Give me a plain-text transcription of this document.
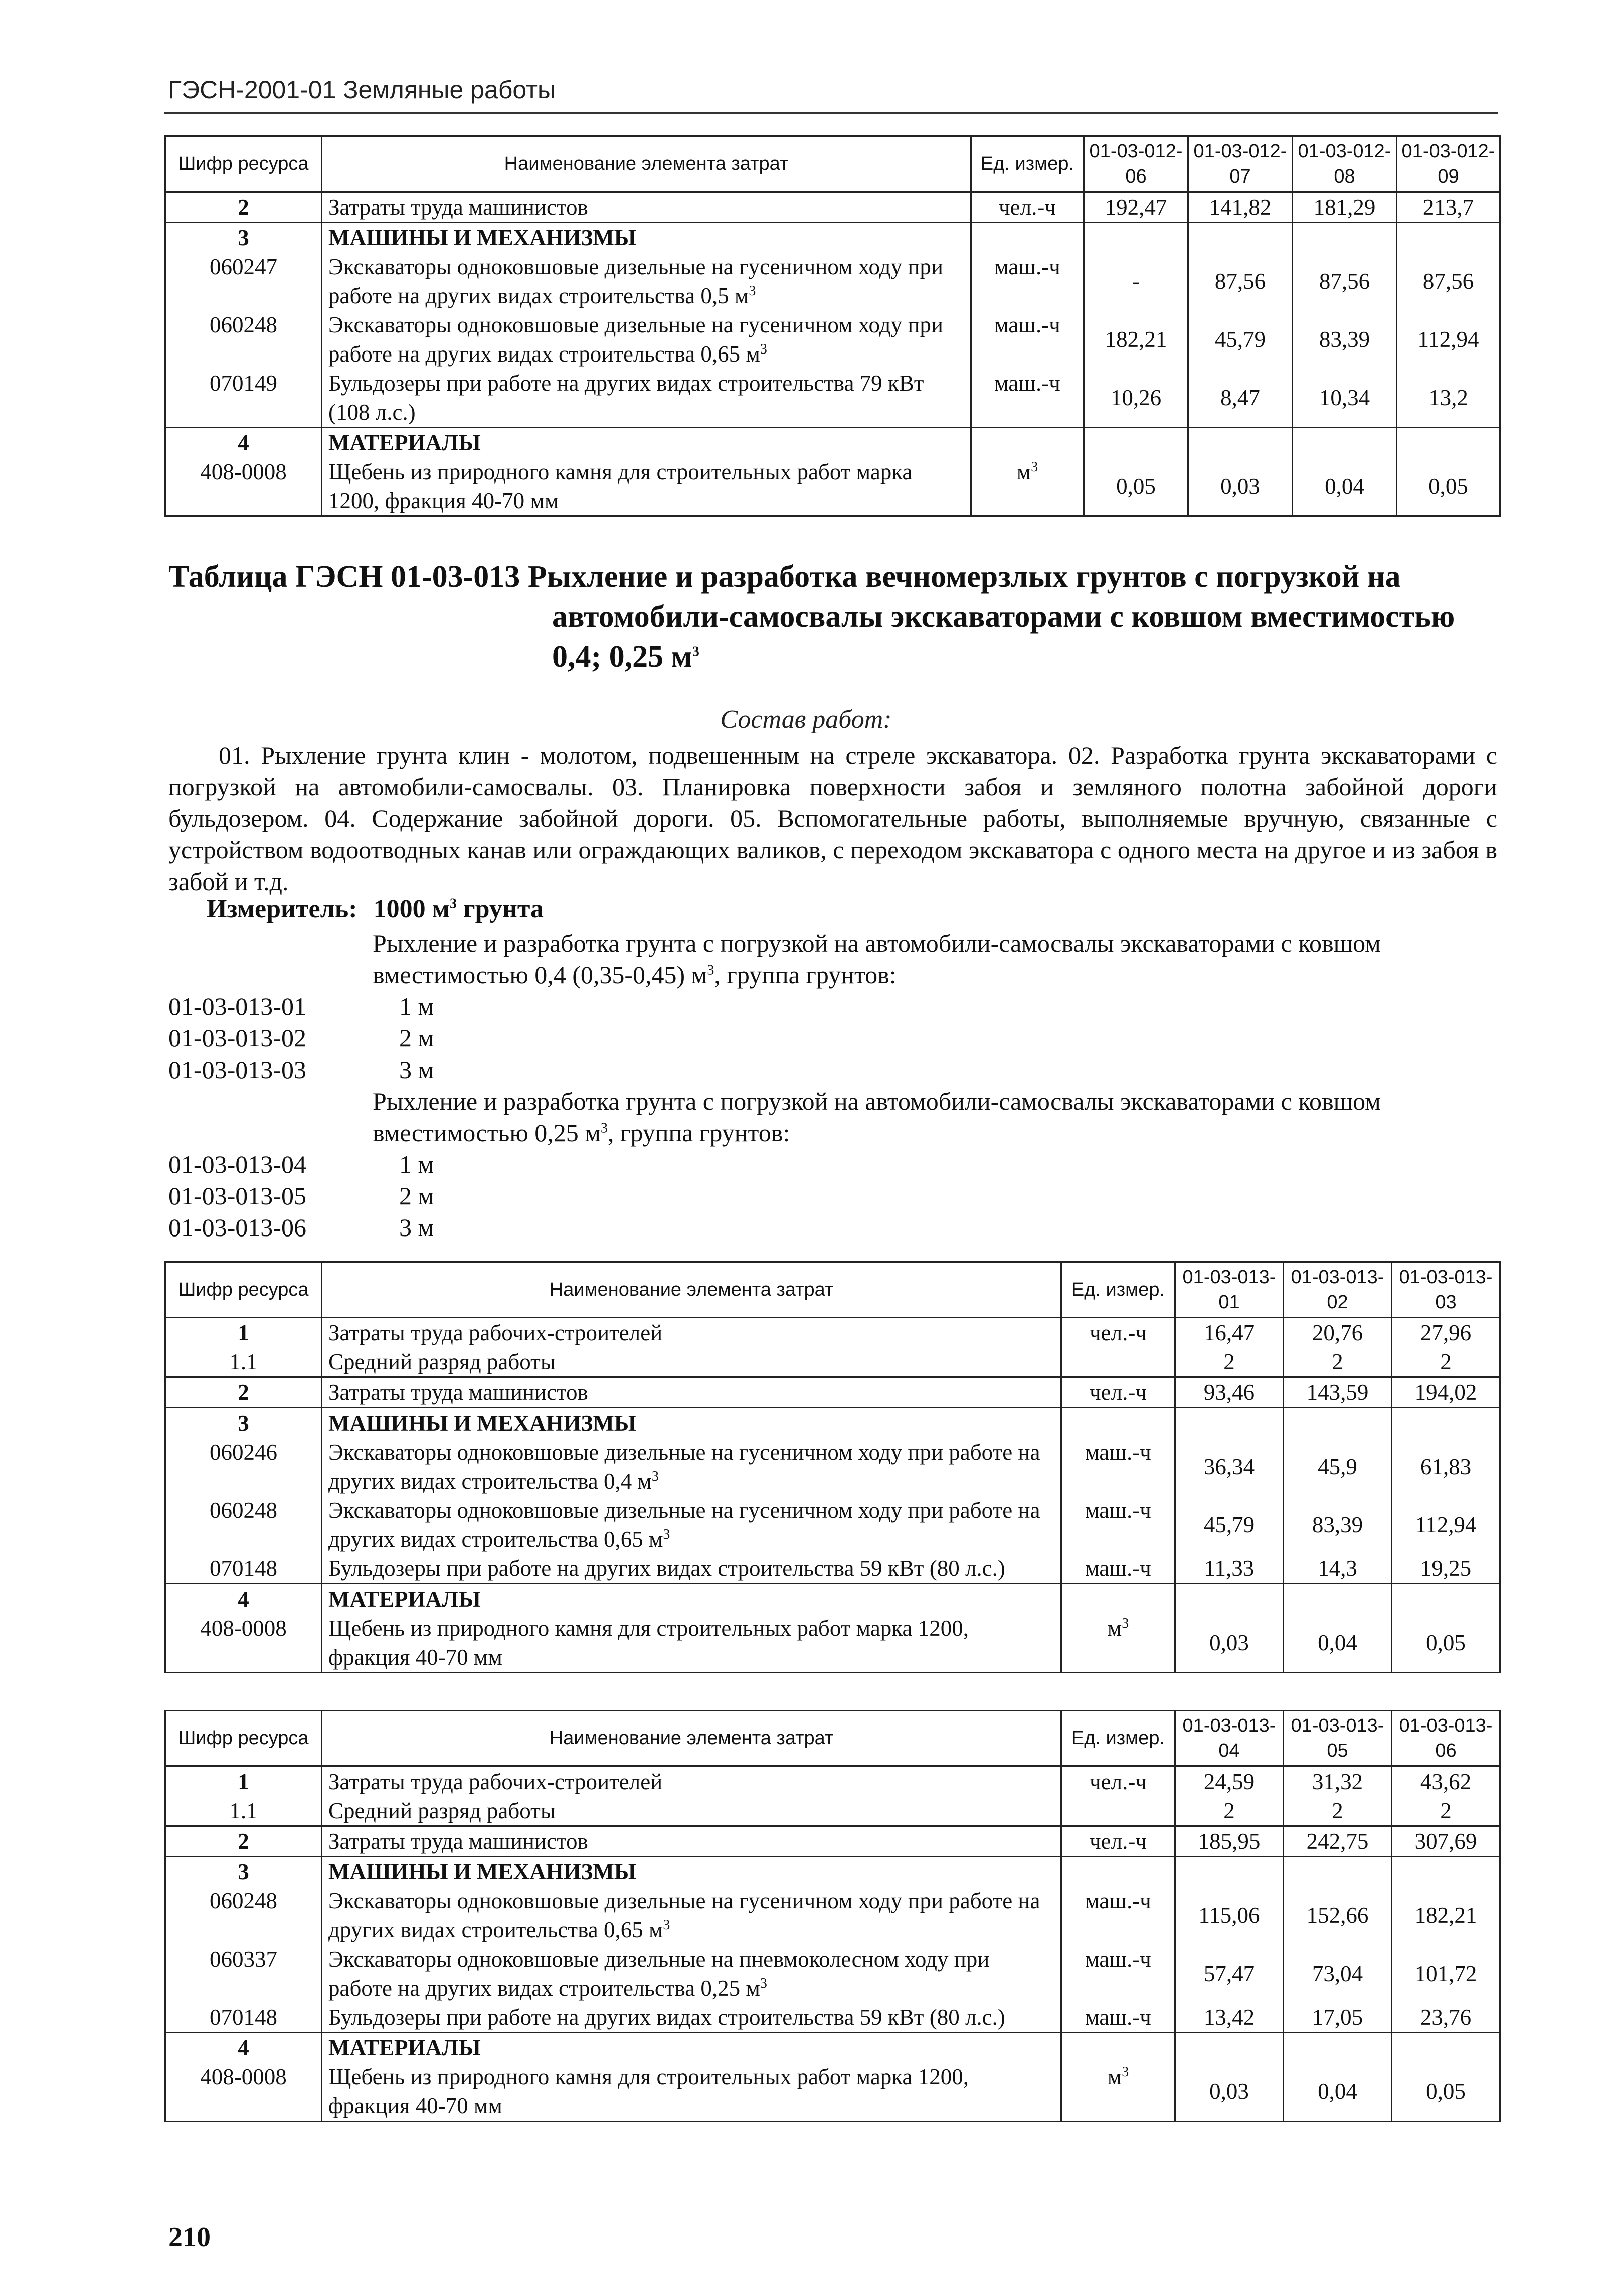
ГЭСН-2001-01 Земляные работы
Шифр ресурса	Наименование элемента затрат	Ед. измер.	01-03-012-06	01-03-012-07	01-03-012-08	01-03-012-09
2	Затраты труда машинистов	чел.-ч	192,47	141,82	181,29	213,7
3	МАШИНЫ И МЕХАНИЗМЫ					
060247	Экскаваторы одноковшовые дизельные на гусеничном ходу при работе на других видах строительства 0,5 $м^3$	маш.-ч	-	87,56	87,56	87,56
060248	Экскаваторы одноковшовые дизельные на гусеничном ходу при работе на других видах строительства 0,65 $м^3$	маш.-ч	182,21	45,79	83,39	112,94
070149	Бульдозеры при работе на других видах строительства 79 кВт (108 л.с.)	маш.-ч	10,26	8,47	10,34	13,2
4	МАТЕРИАЛЫ					
408-0008	Щебень из природного камня для строительных работ марка 1200, фракция 40-70 мм	$м^3$	0,05	0,03	0,04	0,05
Таблица ГЭСН 01-03-013 Рыхление и разработка вечномерзлых грунтов с погрузкой на
автомобили-самосвалы экскаваторами с ковшом вместимостью 0,4; 0,25 $м^3$
Состав работ:
01. Рыхление грунта клин - молотом, подвешенным на стреле экскаватора. 02. Разработка грунта экскаваторами с погрузкой на автомобили-самосвалы. 03. Планировка поверхности забоя и земляного полотна забойной дороги бульдозером. 04. Содержание забойной дороги. 05. Вспомогательные работы, выполняемые вручную, связанные с устройством водоотводных канав или ограждающих валиков, с переходом экскаватора с одного места на другое и из забоя в забой и т.д.
Измеритель: 1000 $м^3$ грунта
Рыхление и разработка грунта с погрузкой на автомобили-самосвалы экскаваторами с ковшом вместимостью 0,4 (0,35-0,45) $м^3$, группа грунтов:
01-03-013-01	1 м
01-03-013-02	2 м
01-03-013-03	3 м
Рыхление и разработка грунта с погрузкой на автомобили-самосвалы экскаваторами с ковшом вместимостью 0,25 $м^3$, группа грунтов:
01-03-013-04	1 м
01-03-013-05	2 м
01-03-013-06	3 м
Шифр ресурса	Наименование элемента затрат	Ед. измер.	01-03-013-01	01-03-013-02	01-03-013-03
1	Затраты труда рабочих-строителей	чел.-ч	16,47	20,76	27,96
1.1	Средний разряд работы		2	2	2
2	Затраты труда машинистов	чел.-ч	93,46	143,59	194,02
3	МАШИНЫ И МЕХАНИЗМЫ				
060246	Экскаваторы одноковшовые дизельные на гусеничном ходу при работе на других видах строительства 0,4 $м^3$	маш.-ч	36,34	45,9	61,83
060248	Экскаваторы одноковшовые дизельные на гусеничном ходу при работе на других видах строительства 0,65 $м^3$	маш.-ч	45,79	83,39	112,94
070148	Бульдозеры при работе на других видах строительства 59 кВт (80 л.с.)	маш.-ч	11,33	14,3	19,25
4	МАТЕРИАЛЫ				
408-0008	Щебень из природного камня для строительных работ марка 1200, фракция 40-70 мм	$м^3$	0,03	0,04	0,05
Шифр ресурса	Наименование элемента затрат	Ед. измер.	01-03-013-04	01-03-013-05	01-03-013-06
1	Затраты труда рабочих-строителей	чел.-ч	24,59	31,32	43,62
1.1	Средний разряд работы		2	2	2
2	Затраты труда машинистов	чел.-ч	185,95	242,75	307,69
3	МАШИНЫ И МЕХАНИЗМЫ				
060248	Экскаваторы одноковшовые дизельные на гусеничном ходу при работе на других видах строительства 0,65 $м^3$	маш.-ч	115,06	152,66	182,21
060337	Экскаваторы одноковшовые дизельные на пневмоколесном ходу при работе на других видах строительства 0,25 $м^3$	маш.-ч	57,47	73,04	101,72
070148	Бульдозеры при работе на других видах строительства 59 кВт (80 л.с.)	маш.-ч	13,42	17,05	23,76
4	МАТЕРИАЛЫ				
408-0008	Щебень из природного камня для строительных работ марка 1200, фракция 40-70 мм	$м^3$	0,03	0,04	0,05
210
